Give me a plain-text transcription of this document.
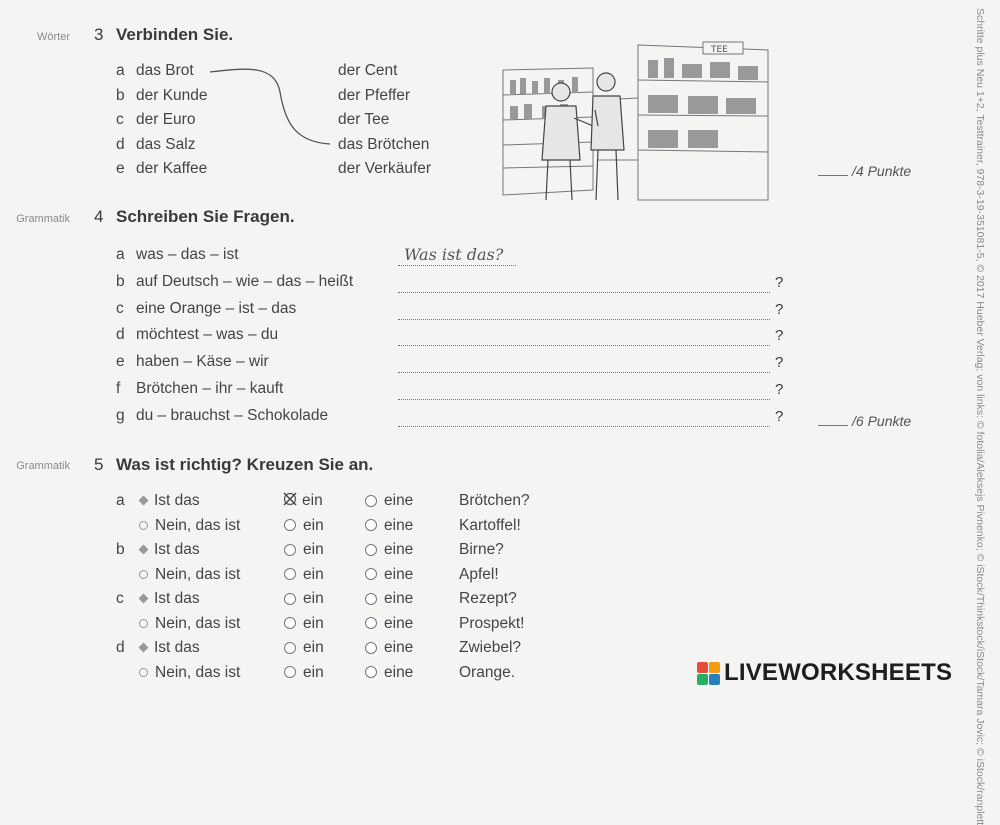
Wörter 3 Verbinden Sie.
a das Brot
b der Kunde
c der Euro
d das Salz
e der Kaffee
der Cent
der Pfeffer
der Tee
das Brötchen
der Verkäufer
TEE
/4 Punkte
Grammatik 4 Schreiben Sie Fragen.
a was – das – ist	Was ist das?
b auf Deutsch – wie – das – heißt	?
c eine Orange – ist – das	?
d möchtest – was – du	?
e haben – Käse – wir	?
f Brötchen – ihr – kauft	?
g du – brauchst – Schokolade	?	/6 Punkte
Grammatik 5 Was ist richtig? Kreuzen Sie an.
a Ist das	ein	eine	Brötchen?
Nein, das ist	ein	eine	Kartoffel!
b Ist das	ein	eine	Birne?
Nein, das ist	ein	eine	Apfel!
c Ist das	ein	eine	Rezept?
Nein, das ist	ein	eine	Prospekt!
d Ist das	ein	eine	Zwiebel?
Nein, das ist	ein	eine	Orange.	Schritte plus Neu 1+2, Testtrainer, 978-3-19-351081-5, © 2017 Hueber Verlag; von links: © fotolia/Aleksejs Pivnenko; © iStock/Thinkstock/iStock/Tamara Jovic; © iStock/ranplett
LIVEWORKSHEETS
